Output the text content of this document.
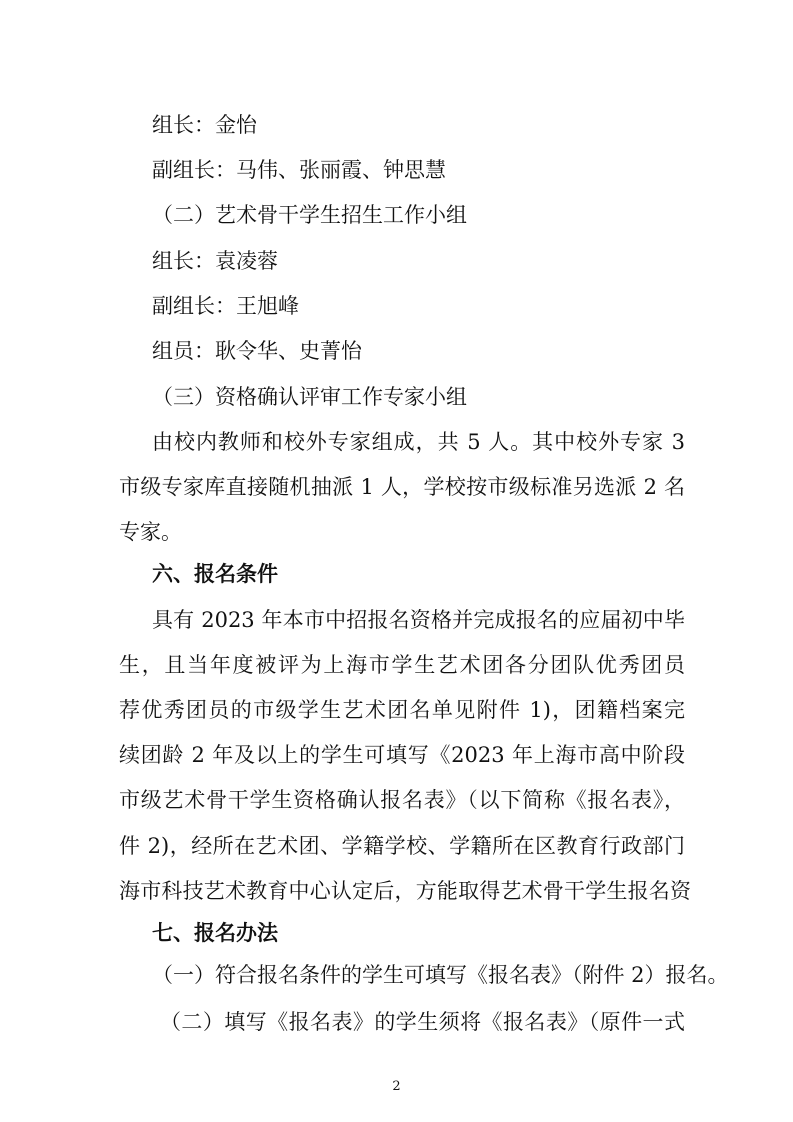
组长：金怡
副组长：马伟、张丽霞、钟思慧
（二）艺术骨干学生招生工作小组
组长：袁凌蓉
副组长：王旭峰
组员：耿令华、史菁怡
（三）资格确认评审工作专家小组
由校内教师和校外专家组成，共 5 人。其中校外专家 3
市级专家库直接随机抽派 1 人，学校按市级标准另选派 2 名
专家。
六、报名条件
具有 2023 年本市中招报名资格并完成报名的应届初中毕
生，且当年度被评为上海市学生艺术团各分团队优秀团员
荐优秀团员的市级学生艺术团名单见附件 1)，团籍档案完
续团龄 2 年及以上的学生可填写《2023 年上海市高中阶段
市级艺术骨干学生资格确认报名表》（以下简称《报名表》，
件 2)，经所在艺术团、学籍学校、学籍所在区教育行政部门
海市科技艺术教育中心认定后，方能取得艺术骨干学生报名资
七、报名办法
（一）符合报名条件的学生可填写《报名表》（附件 2）报名。
（二）填写《报名表》的学生须将《报名表》（原件一式
2
